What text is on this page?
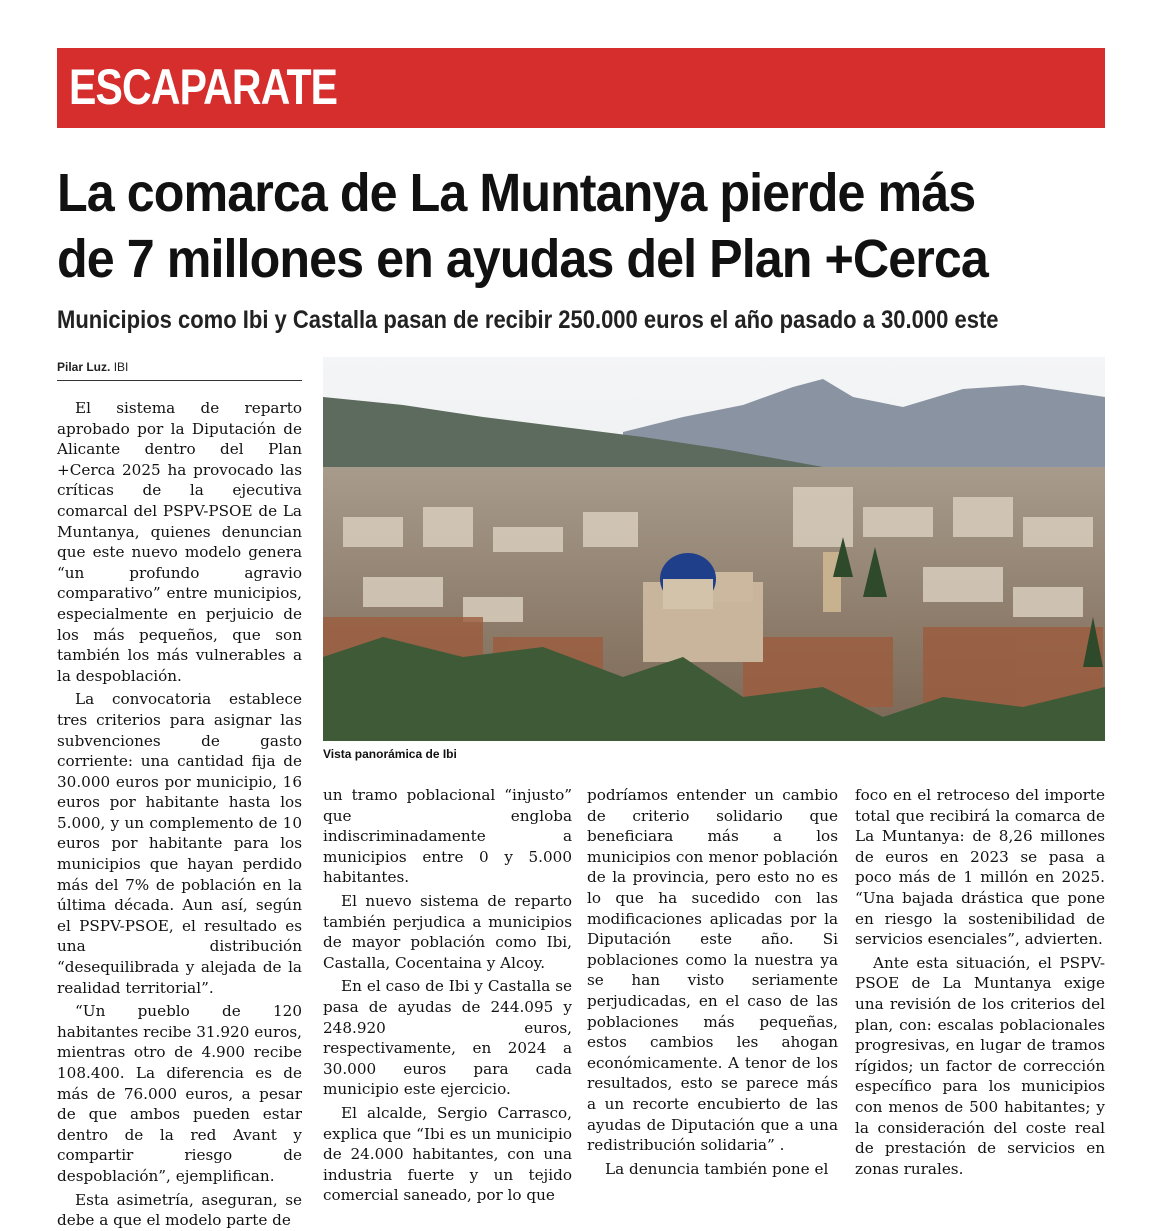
ESCAPARATE
La comarca de La Muntanya pierde más
de 7 millones en ayudas del Plan +Cerca
Municipios como Ibi y Castalla pasan de recibir 250.000 euros el año pasado a 30.000 este
Pilar Luz. IBI

El sistema de reparto aprobado por la Diputación de Alicante dentro del Plan +Cerca 2025 ha provocado las críticas de la ejecutiva comarcal del PSPV-PSOE de La Muntanya, quienes denuncian que este nuevo modelo genera “un profundo agravio comparativo” entre municipios, especialmente en perjuicio de los más pequeños, que son también los más vulnerables a la despoblación.

La convocatoria establece tres criterios para asignar las subvenciones de gasto corriente: una cantidad fija de 30.000 euros por municipio, 16 euros por habitante hasta los 5.000, y un complemento de 10 euros por habitante para los municipios que hayan perdido más del 7% de población en la última década. Aun así, según el PSPV-PSOE, el resultado es una distribución “desequilibrada y alejada de la realidad territorial”.

“Un pueblo de 120 habitantes recibe 31.920 euros, mientras otro de 4.900 recibe 108.400. La diferencia es de más de 76.000 euros, a pesar de que ambos pueden estar dentro de la red Avant y compartir riesgo de despoblación”, ejemplifican.

Esta asimetría, aseguran, se debe a que el modelo parte de

Vista panorámica de Ibi

un tramo poblacional “injusto” que engloba indiscriminadamente a municipios entre 0 y 5.000 habitantes.

El nuevo sistema de reparto también perjudica a municipios de mayor población como Ibi, Castalla, Cocentaina y Alcoy.

En el caso de Ibi y Castalla se pasa de ayudas de 244.095 y 248.920 euros, respectivamente, en 2024 a 30.000 euros para cada municipio este ejercicio.

El alcalde, Sergio Carrasco, explica que “Ibi es un municipio de 24.000 habitantes, con una industria fuerte y un tejido comercial saneado, por lo que

podríamos entender un cambio de criterio solidario que beneficiara más a los municipios con menor población de la provincia, pero esto no es lo que ha sucedido con las modificaciones aplicadas por la Diputación este año. Si poblaciones como la nuestra ya se han visto seriamente perjudicadas, en el caso de las poblaciones más pequeñas, estos cambios les ahogan económicamente. A tenor de los resultados, esto se parece más a un recorte encubierto de las ayudas de Diputación que a una redistribución solidaria” .

La denuncia también pone el

foco en el retroceso del importe total que recibirá la comarca de La Muntanya: de 8,26 millones de euros en 2023 se pasa a poco más de 1 millón en 2025. “Una bajada drástica que pone en riesgo la sostenibilidad de servicios esenciales”, advierten.

Ante esta situación, el PSPV-PSOE de La Muntanya exige una revisión de los criterios del plan, con: escalas poblacionales progresivas, en lugar de tramos rígidos; un factor de corrección específico para los municipios con menos de 500 habitantes; y la consideración del coste real de prestación de servicios en zonas rurales.
